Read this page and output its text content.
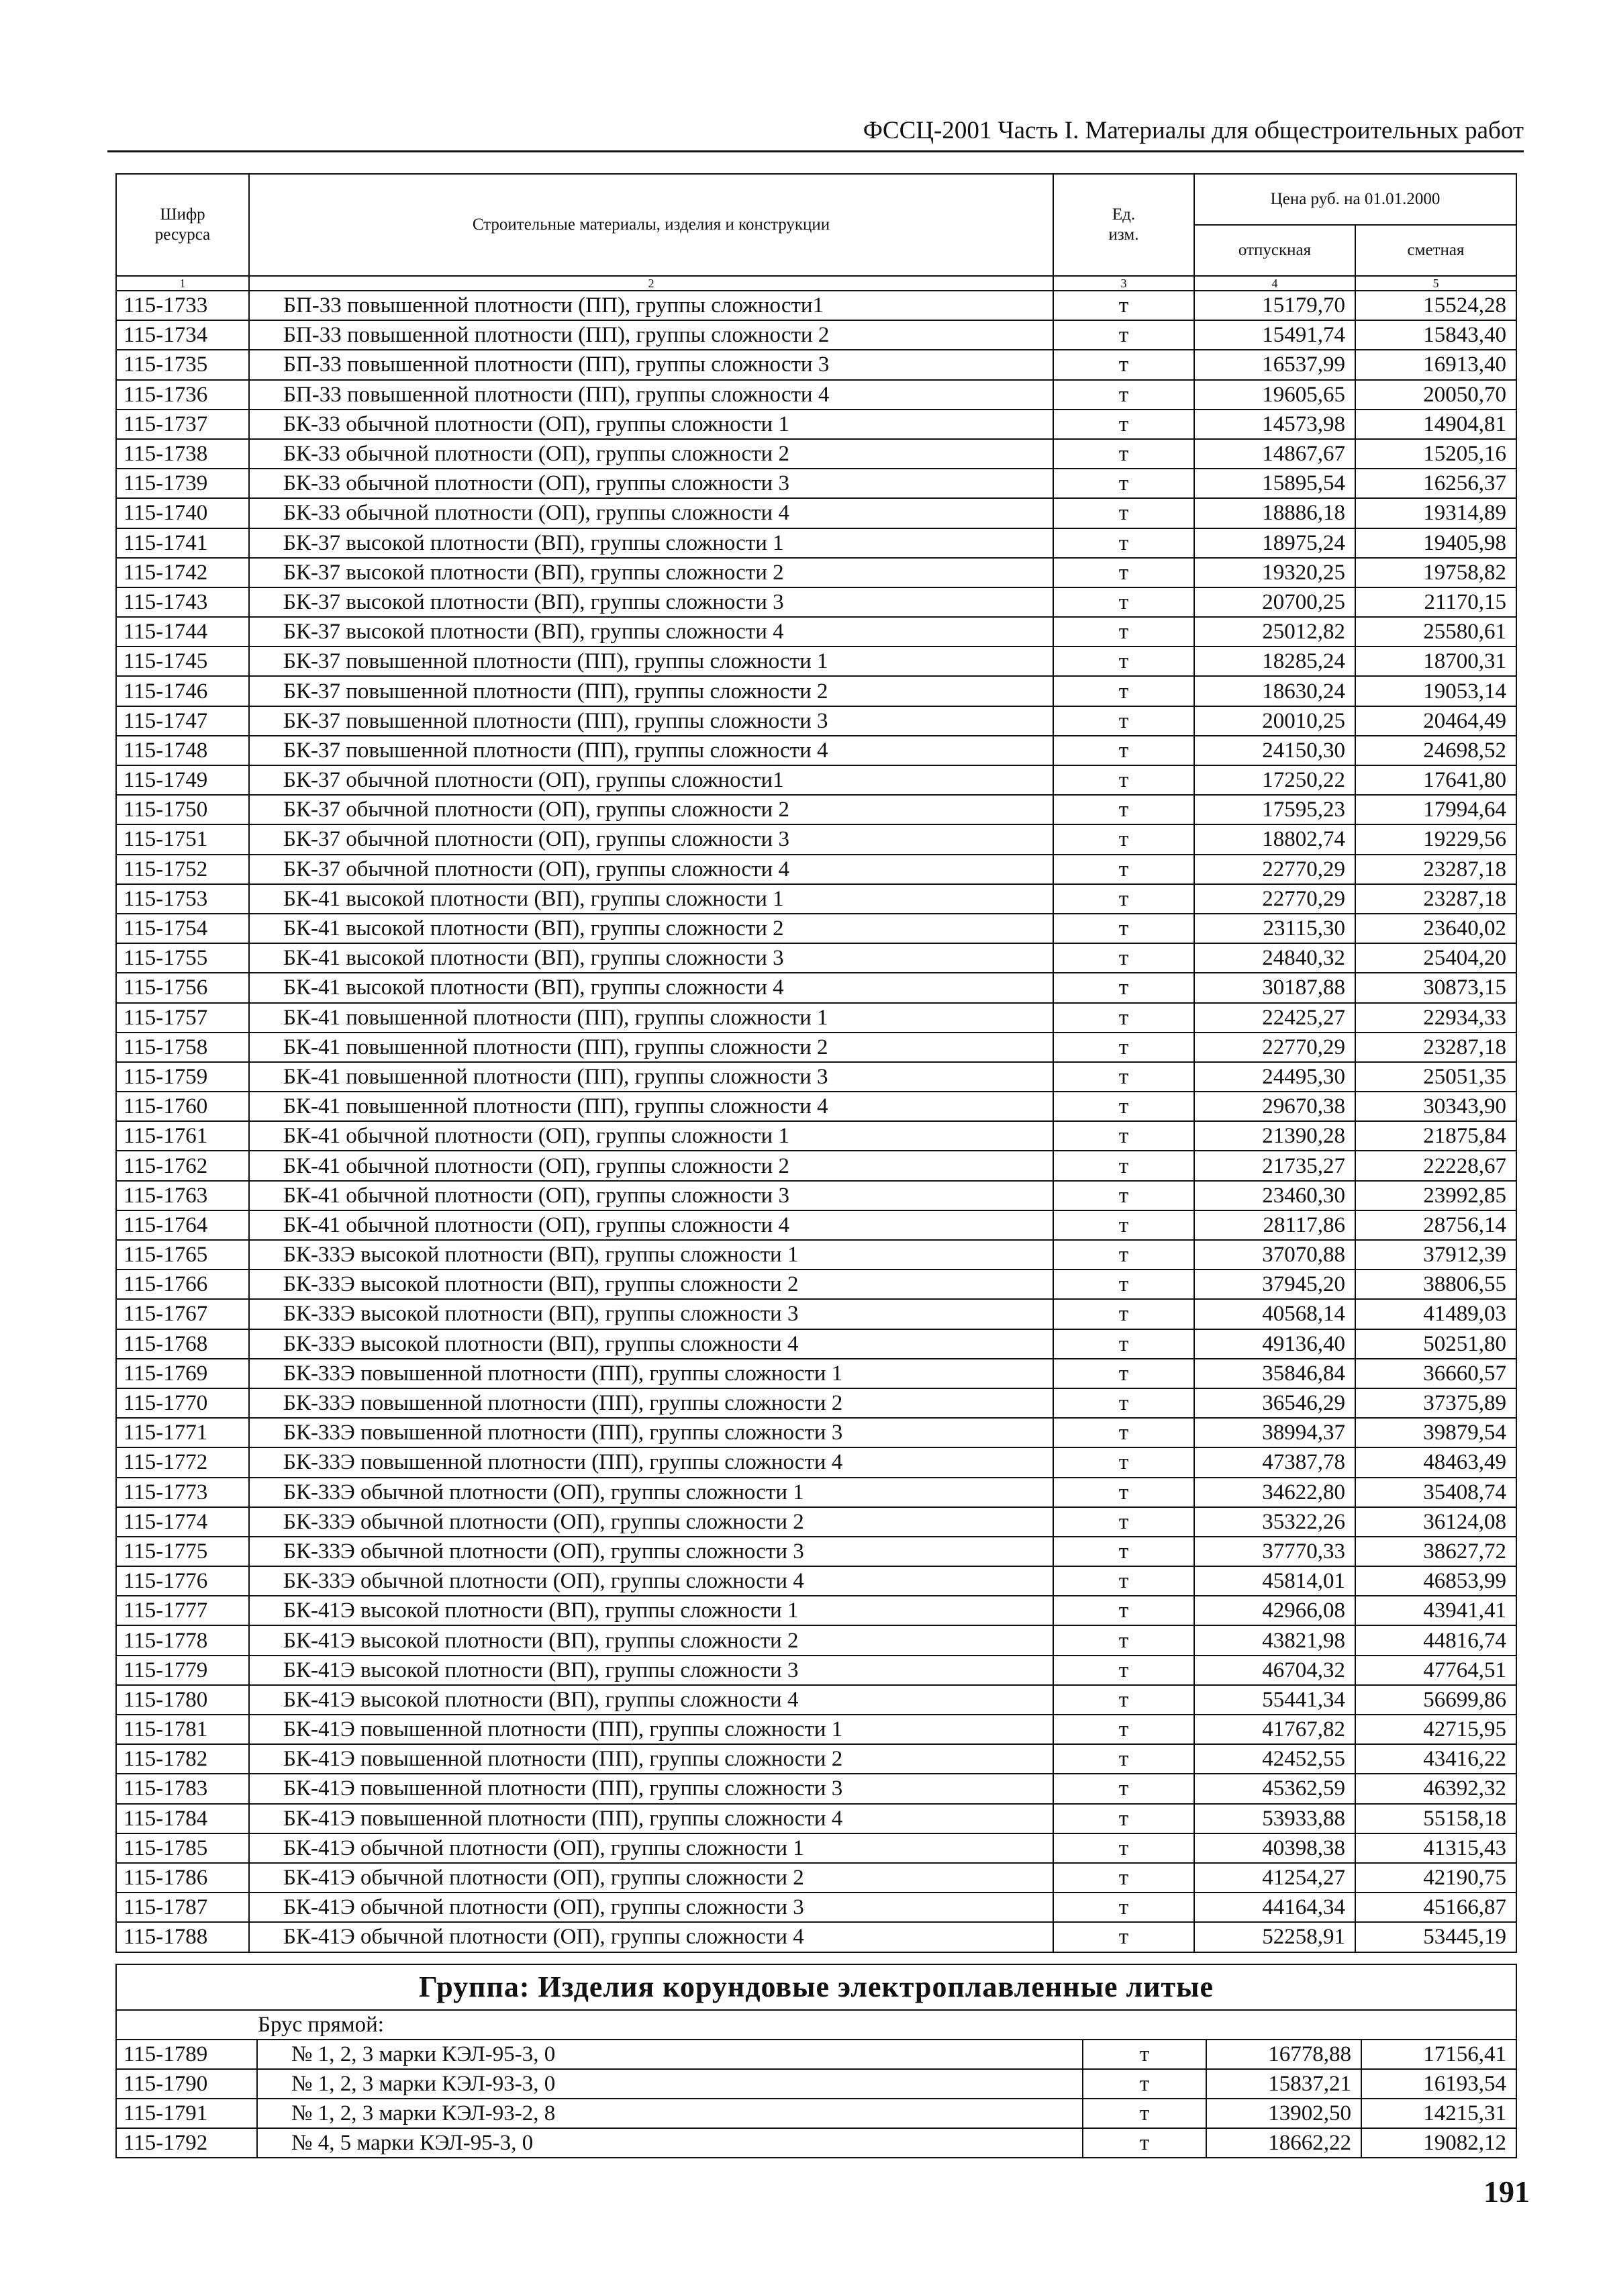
ФССЦ-2001 Часть I. Материалы для общестроительных работ
Шифр ресурса	Строительные материалы, изделия и конструкции	Ед. изм.	Цена руб. на 01.01.2000	
			отпускная	сметная
1	2	3	4	5
115-1733	БП-33 повышенной плотности (ПП), группы сложности1	т	15179,70	15524,28
115-1734	БП-33 повышенной плотности (ПП), группы сложности 2	т	15491,74	15843,40
115-1735	БП-33 повышенной плотности (ПП), группы сложности 3	т	16537,99	16913,40
115-1736	БП-33 повышенной плотности (ПП), группы сложности 4	т	19605,65	20050,70
115-1737	БК-33 обычной плотности (ОП), группы сложности 1	т	14573,98	14904,81
115-1738	БК-33 обычной плотности (ОП), группы сложности 2	т	14867,67	15205,16
115-1739	БК-33 обычной плотности (ОП), группы сложности 3	т	15895,54	16256,37
115-1740	БК-33 обычной плотности (ОП), группы сложности 4	т	18886,18	19314,89
115-1741	БК-37 высокой плотности (ВП), группы сложности 1	т	18975,24	19405,98
115-1742	БК-37 высокой плотности (ВП), группы сложности 2	т	19320,25	19758,82
115-1743	БК-37 высокой плотности (ВП), группы сложности 3	т	20700,25	21170,15
115-1744	БК-37 высокой плотности (ВП), группы сложности 4	т	25012,82	25580,61
115-1745	БК-37 повышенной плотности (ПП), группы сложности 1	т	18285,24	18700,31
115-1746	БК-37 повышенной плотности (ПП), группы сложности 2	т	18630,24	19053,14
115-1747	БК-37 повышенной плотности (ПП), группы сложности 3	т	20010,25	20464,49
115-1748	БК-37 повышенной плотности (ПП), группы сложности 4	т	24150,30	24698,52
115-1749	БК-37 обычной плотности (ОП), группы сложности1	т	17250,22	17641,80
115-1750	БК-37 обычной плотности (ОП), группы сложности 2	т	17595,23	17994,64
115-1751	БК-37 обычной плотности (ОП), группы сложности 3	т	18802,74	19229,56
115-1752	БК-37 обычной плотности (ОП), группы сложности 4	т	22770,29	23287,18
115-1753	БК-41 высокой плотности (ВП), группы сложности 1	т	22770,29	23287,18
115-1754	БК-41 высокой плотности (ВП), группы сложности 2	т	23115,30	23640,02
115-1755	БК-41 высокой плотности (ВП), группы сложности 3	т	24840,32	25404,20
115-1756	БК-41 высокой плотности (ВП), группы сложности 4	т	30187,88	30873,15
115-1757	БК-41 повышенной плотности (ПП), группы сложности 1	т	22425,27	22934,33
115-1758	БК-41 повышенной плотности (ПП), группы сложности 2	т	22770,29	23287,18
115-1759	БК-41 повышенной плотности (ПП), группы сложности 3	т	24495,30	25051,35
115-1760	БК-41 повышенной плотности (ПП), группы сложности 4	т	29670,38	30343,90
115-1761	БК-41 обычной плотности (ОП), группы сложности 1	т	21390,28	21875,84
115-1762	БК-41 обычной плотности (ОП), группы сложности 2	т	21735,27	22228,67
115-1763	БК-41 обычной плотности (ОП), группы сложности 3	т	23460,30	23992,85
115-1764	БК-41 обычной плотности (ОП), группы сложности 4	т	28117,86	28756,14
115-1765	БК-33Э высокой плотности (ВП), группы сложности 1	т	37070,88	37912,39
115-1766	БК-33Э высокой плотности (ВП), группы сложности 2	т	37945,20	38806,55
115-1767	БК-33Э высокой плотности (ВП), группы сложности 3	т	40568,14	41489,03
115-1768	БК-33Э высокой плотности (ВП), группы сложности 4	т	49136,40	50251,80
115-1769	БК-33Э повышенной плотности (ПП), группы сложности 1	т	35846,84	36660,57
115-1770	БК-33Э повышенной плотности (ПП), группы сложности 2	т	36546,29	37375,89
115-1771	БК-33Э повышенной плотности (ПП), группы сложности 3	т	38994,37	39879,54
115-1772	БК-33Э повышенной плотности (ПП), группы сложности 4	т	47387,78	48463,49
115-1773	БК-33Э обычной плотности (ОП), группы сложности 1	т	34622,80	35408,74
115-1774	БК-33Э обычной плотности (ОП), группы сложности 2	т	35322,26	36124,08
115-1775	БК-33Э обычной плотности (ОП), группы сложности 3	т	37770,33	38627,72
115-1776	БК-33Э обычной плотности (ОП), группы сложности 4	т	45814,01	46853,99
115-1777	БК-41Э высокой плотности (ВП), группы сложности 1	т	42966,08	43941,41
115-1778	БК-41Э высокой плотности (ВП), группы сложности 2	т	43821,98	44816,74
115-1779	БК-41Э высокой плотности (ВП), группы сложности 3	т	46704,32	47764,51
115-1780	БК-41Э высокой плотности (ВП), группы сложности 4	т	55441,34	56699,86
115-1781	БК-41Э повышенной плотности (ПП), группы сложности 1	т	41767,82	42715,95
115-1782	БК-41Э повышенной плотности (ПП), группы сложности 2	т	42452,55	43416,22
115-1783	БК-41Э повышенной плотности (ПП), группы сложности 3	т	45362,59	46392,32
115-1784	БК-41Э повышенной плотности (ПП), группы сложности 4	т	53933,88	55158,18
115-1785	БК-41Э обычной плотности (ОП), группы сложности 1	т	40398,38	41315,43
115-1786	БК-41Э обычной плотности (ОП), группы сложности 2	т	41254,27	42190,75
115-1787	БК-41Э обычной плотности (ОП), группы сложности 3	т	44164,34	45166,87
115-1788	БК-41Э обычной плотности (ОП), группы сложности 4	т	52258,91	53445,19
Группа: Изделия корундовые электроплавленные литые				
Брус прямой:				
115-1789	№ 1, 2, 3 марки КЭЛ-95-3, 0	т	16778,88	17156,41
115-1790	№ 1, 2, 3 марки КЭЛ-93-3, 0	т	15837,21	16193,54
115-1791	№ 1, 2, 3 марки КЭЛ-93-2, 8	т	13902,50	14215,31
115-1792	№ 4, 5 марки КЭЛ-95-3, 0	т	18662,22	19082,12
191
